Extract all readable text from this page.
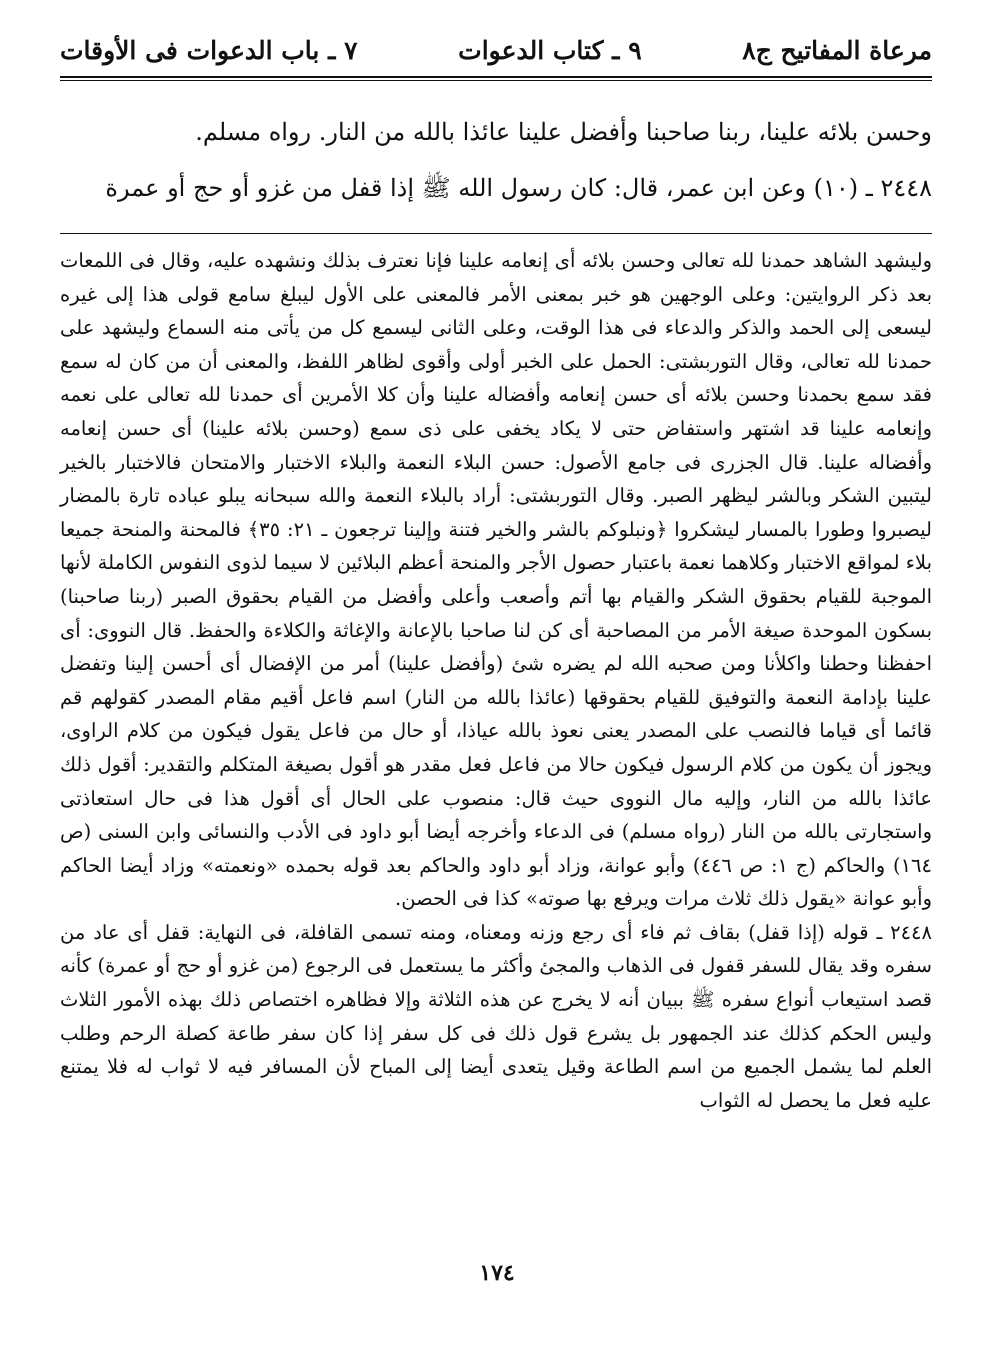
مرعاة المفاتيح ج٨
٩ ـ كتاب الدعوات
٧ ـ باب الدعوات فى الأوقات

وحسن بلائه علينا، ربنا صاحبنا وأفضل علينا عائذا بالله من النار. رواه مسلم.

٢٤٤٨ ـ (١٠) وعن ابن عمر، قال: كان رسول الله ﷺ إذا قفل من غزو أو حج أو عمرة

وليشهد الشاهد حمدنا لله تعالى وحسن بلائه أى إنعامه علينا فإنا نعترف بذلك ونشهده عليه، وقال فى اللمعات بعد ذكر الروايتين: وعلى الوجهين هو خبر بمعنى الأمر فالمعنى على الأول ليبلغ سامع قولى هذا إلى غيره ليسعى إلى الحمد والذكر والدعاء فى هذا الوقت، وعلى الثانى ليسمع كل من يأتى منه السماع وليشهد على حمدنا لله تعالى، وقال التوربشتى: الحمل على الخبر أولى وأقوى لظاهر اللفظ، والمعنى أن من كان له سمع فقد سمع بحمدنا وحسن بلائه أى حسن إنعامه وأفضاله علينا وأن كلا الأمرين أى حمدنا لله تعالى على نعمه وإنعامه علينا قد اشتهر واستفاض حتى لا يكاد يخفى على ذى سمع (وحسن بلائه علينا) أى حسن إنعامه وأفضاله علينا. قال الجزرى فى جامع الأصول: حسن البلاء النعمة والبلاء الاختبار والامتحان فالاختبار بالخير ليتبين الشكر وبالشر ليظهر الصبر. وقال التوربشتى: أراد بالبلاء النعمة والله سبحانه يبلو عباده تارة بالمضار ليصبروا وطورا بالمسار ليشكروا ﴿ونبلوكم بالشر والخير فتنة وإلينا ترجعون ـ ٢١: ٣٥﴾ فالمحنة والمنحة جميعا بلاء لمواقع الاختبار وكلاهما نعمة باعتبار حصول الأجر والمنحة أعظم البلائين لا سيما لذوى النفوس الكاملة لأنها الموجبة للقيام بحقوق الشكر والقيام بها أتم وأصعب وأعلى وأفضل من القيام بحقوق الصبر (ربنا صاحبنا) بسكون الموحدة صيغة الأمر من المصاحبة أى كن لنا صاحبا بالإعانة والإغاثة والكلاءة والحفظ. قال النووى: أى احفظنا وحطنا واكلأنا ومن صحبه الله لم يضره شئ (وأفضل علينا) أمر من الإفضال أى أحسن إلينا وتفضل علينا بإدامة النعمة والتوفيق للقيام بحقوقها (عائذا بالله من النار) اسم فاعل أقيم مقام المصدر كقولهم قم قائما أى قياما فالنصب على المصدر يعنى نعوذ بالله عياذا، أو حال من فاعل يقول فيكون من كلام الراوى، ويجوز أن يكون من كلام الرسول فيكون حالا من فاعل فعل مقدر هو أقول بصيغة المتكلم والتقدير: أقول ذلك عائذا بالله من النار، وإليه مال النووى حيث قال: منصوب على الحال أى أقول هذا فى حال استعاذتى واستجارتى بالله من النار (رواه مسلم) فى الدعاء وأخرجه أيضا أبو داود فى الأدب والنسائى وابن السنى (ص ١٦٤) والحاكم (ج ١: ص ٤٤٦) وأبو عوانة، وزاد أبو داود والحاكم بعد قوله بحمده «ونعمته» وزاد أيضا الحاكم وأبو عوانة «يقول ذلك ثلاث مرات ويرفع بها صوته» كذا فى الحصن.

٢٤٤٨ ـ قوله (إذا قفل) بقاف ثم فاء أى رجع وزنه ومعناه، ومنه تسمى القافلة، فى النهاية: قفل أى عاد من سفره وقد يقال للسفر قفول فى الذهاب والمجئ وأكثر ما يستعمل فى الرجوع (من غزو أو حج أو عمرة) كأنه قصد استيعاب أنواع سفره ﷺ ببيان أنه لا يخرج عن هذه الثلاثة وإلا فظاهره اختصاص ذلك بهذه الأمور الثلاث وليس الحكم كذلك عند الجمهور بل يشرع قول ذلك فى كل سفر إذا كان سفر طاعة كصلة الرحم وطلب العلم لما يشمل الجميع من اسم الطاعة وقيل يتعدى أيضا إلى المباح لأن المسافر فيه لا ثواب له فلا يمتنع عليه فعل ما يحصل له الثواب

١٧٤
